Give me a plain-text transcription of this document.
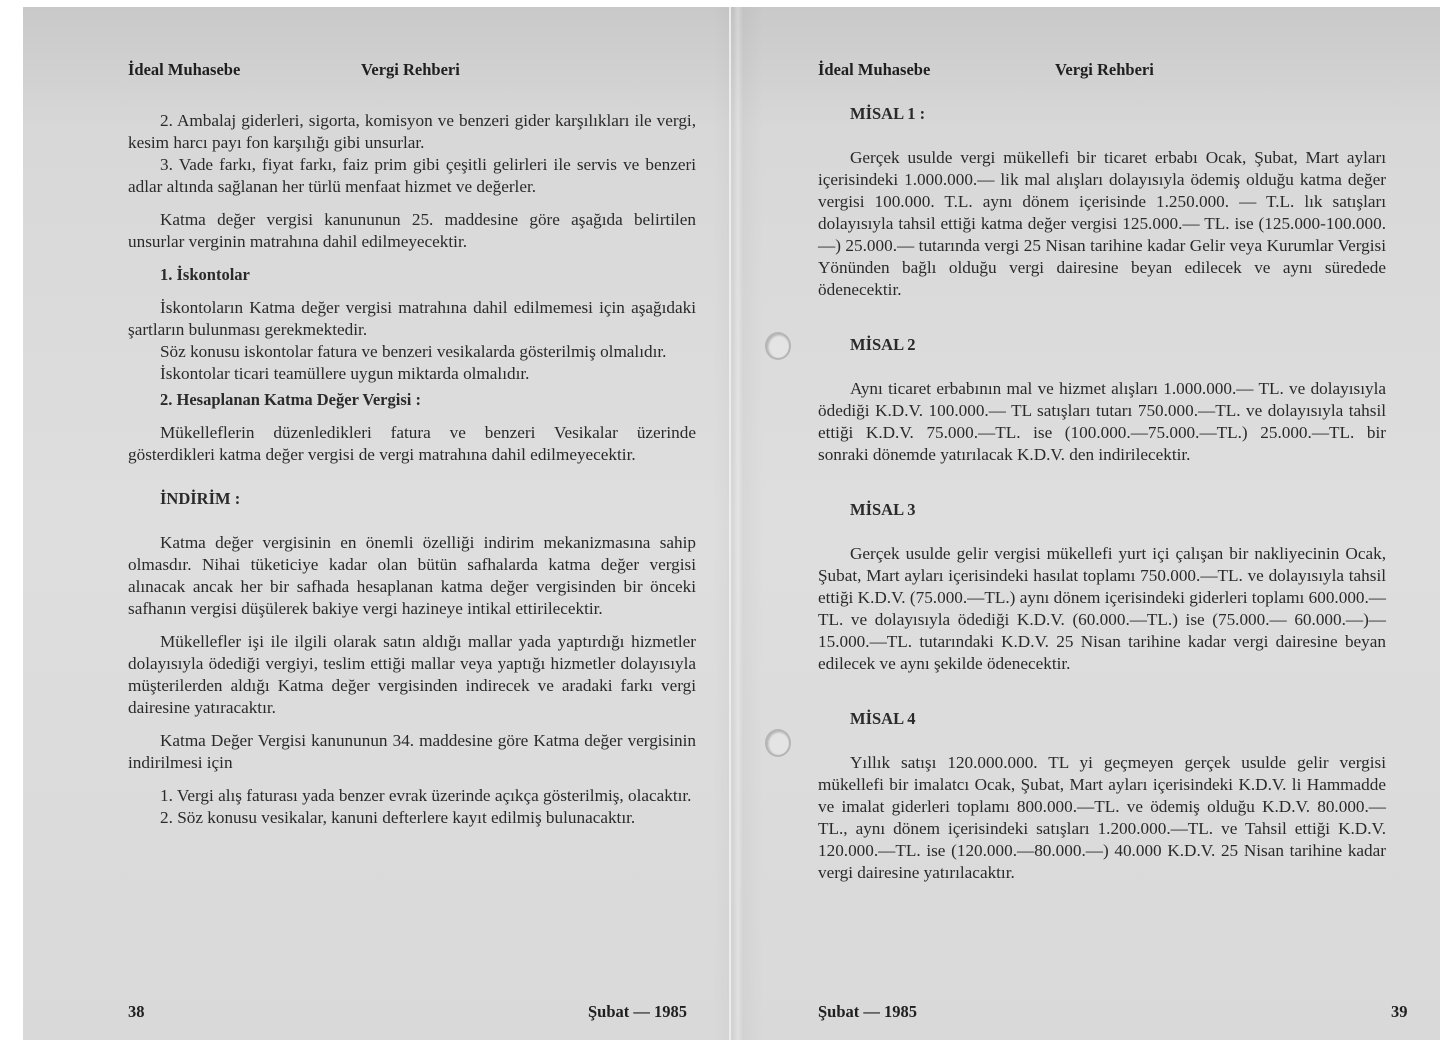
İdeal Muhasebe	Vergi Rehberi

2. Ambalaj giderleri, sigorta, komisyon ve benzeri gider karşılıkları ile vergi, kesim harcı payı fon karşılığı gibi unsurlar.

3. Vade farkı, fiyat farkı, faiz prim gibi çeşitli gelirleri ile servis ve benzeri adlar altında sağlanan her türlü menfaat hizmet ve değerler.

Katma değer vergisi kanununun 25. maddesine göre aşağıda belirtilen unsurlar verginin matrahına dahil edilmeyecektir.

1. İskontolar

İskontoların Katma değer vergisi matrahına dahil edilmemesi için aşağıdaki şartların bulunması gerekmektedir.

Söz konusu iskontolar fatura ve benzeri vesikalarda gösterilmiş olmalıdır.

İskontolar ticari teamüllere uygun miktarda olmalıdır.

2. Hesaplanan Katma Değer Vergisi :

Mükelleflerin düzenledikleri fatura ve benzeri Vesikalar üzerinde gösterdikleri katma değer vergisi de vergi matrahına dahil edilmeyecektir.

İNDİRİM :

Katma değer vergisinin en önemli özelliği indirim mekanizmasına sahip olmasdır. Nihai tüketiciye kadar olan bütün safhalarda katma değer vergisi alınacak ancak her bir safhada hesaplanan katma değer vergisinden bir önceki safhanın vergisi düşülerek bakiye vergi hazineye intikal ettirilecektir.

Mükellefler işi ile ilgili olarak satın aldığı mallar yada yaptırdığı hizmetler dolayısıyla ödediği vergiyi, teslim ettiği mallar veya yaptığı hizmetler dolayısıyla müşterilerden aldığı Katma değer vergisinden indirecek ve aradaki farkı vergi dairesine yatıracaktır.

Katma Değer Vergisi kanununun 34. maddesine göre Katma değer vergisinin indirilmesi için

1. Vergi alış faturası yada benzer evrak üzerinde açıkça gösterilmiş, olacaktır.

2. Söz konusu vesikalar, kanuni defterlere kayıt edilmiş bulunacaktır.

38	Şubat — 1985
İdeal Muhasebe	Vergi Rehberi

MİSAL 1 :

Gerçek usulde vergi mükellefi bir ticaret erbabı Ocak, Şubat, Mart ayları içerisindeki 1.000.000.— lik mal alışları dolayısıyla ödemiş olduğu katma değer vergisi 100.000. T.L. aynı dönem içerisinde 1.250.000. — T.L. lık satışları dolayısıyla tahsil ettiği katma değer vergisi 125.000.— TL. ise (125.000-100.000.—) 25.000.— tutarında vergi 25 Nisan tarihine kadar Gelir veya Kurumlar Vergisi Yönünden bağlı olduğu vergi dairesine beyan edilecek ve aynı süredede ödenecektir.

MİSAL 2

Aynı ticaret erbabının mal ve hizmet alışları 1.000.000.— TL. ve dolayısıyla ödediği K.D.V. 100.000.— TL satışları tutarı 750.000.—TL. ve dolayısıyla tahsil ettiği K.D.V. 75.000.—TL. ise (100.000.—75.000.—TL.) 25.000.—TL. bir sonraki dönemde yatırılacak K.D.V. den indirilecektir.

MİSAL 3

Gerçek usulde gelir vergisi mükellefi yurt içi çalışan bir nakliyecinin Ocak, Şubat, Mart ayları içerisindeki hasılat toplamı 750.000.—TL. ve dolayısıyla tahsil ettiği K.D.V. (75.000.—TL.) aynı dönem içerisindeki giderleri toplamı 600.000.—TL. ve dolayısıyla ödediği K.D.V. (60.000.—TL.) ise (75.000.— 60.000.—)—15.000.—TL. tutarındaki K.D.V. 25 Nisan tarihine kadar vergi dairesine beyan edilecek ve aynı şekilde ödenecektir.

MİSAL 4

Yıllık satışı 120.000.000. TL yi geçmeyen gerçek usulde gelir vergisi mükellefi bir imalatcı Ocak, Şubat, Mart ayları içerisindeki K.D.V. li Hammadde ve imalat giderleri toplamı 800.000.—TL. ve ödemiş olduğu K.D.V. 80.000.—TL., aynı dönem içerisindeki satışları 1.200.000.—TL. ve Tahsil ettiği K.D.V. 120.000.—TL. ise (120.000.—80.000.—) 40.000 K.D.V. 25 Nisan tarihine kadar vergi dairesine yatırılacaktır.

Şubat — 1985	39
